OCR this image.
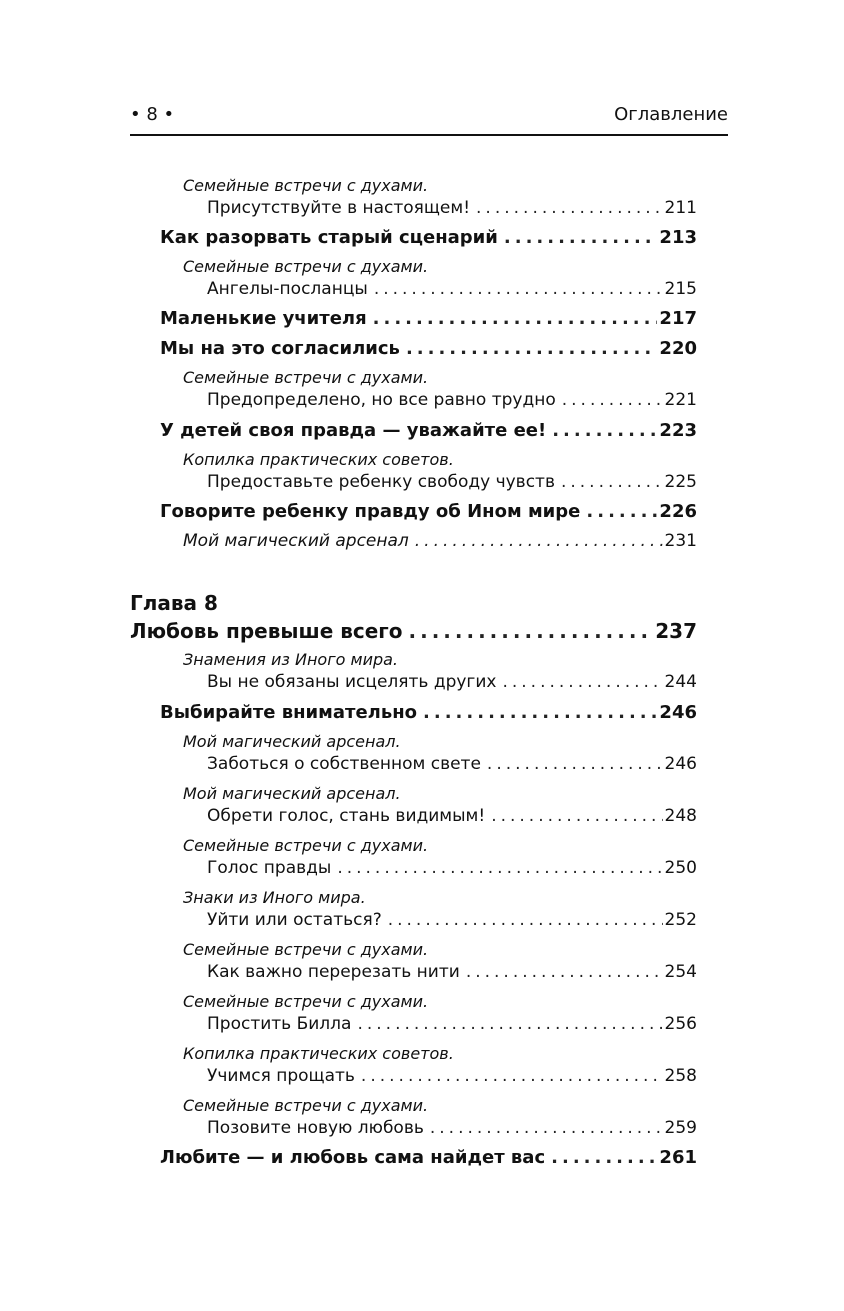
• 8 •	Оглавление
Семейные встречи с духами.
Присутствуйте в настоящем! .....	211
Как разорвать старый сценарий .....	213
Семейные встречи с духами.
Ангелы-посланцы .....	215
Маленькие учителя .....	217
Мы на это согласились .....	220
Семейные встречи с духами.
Предопределено, но все равно трудно .....	221
У детей своя правда — уважайте ее! .....	223
Копилка практических советов.
Предоставьте ребенку свободу чувств .....	225
Говорите ребенку правду об Ином мире .....	226
Мой магический арсенал .....	231
Любовь превыше всего .....	237
Знамения из Иного мира.
Вы не обязаны исцелять других .....	244
Выбирайте внимательно .....	246
Мой магический арсенал.
Заботься о собственном свете .....	246
Мой магический арсенал.
Обрети голос, стань видимым! .....	248
Семейные встречи с духами.
Голос правды .....	250
Знаки из Иного мира.
Уйти или остаться? .....	252
Семейные встречи с духами.
Как важно перерезать нити .....	254
Семейные встречи с духами.
Простить Билла .....	256
Копилка практических советов.
Учимся прощать .....	258
Семейные встречи с духами.
Позовите новую любовь .....	259
Любите — и любовь сама найдет вас .....	261
Глава 8
